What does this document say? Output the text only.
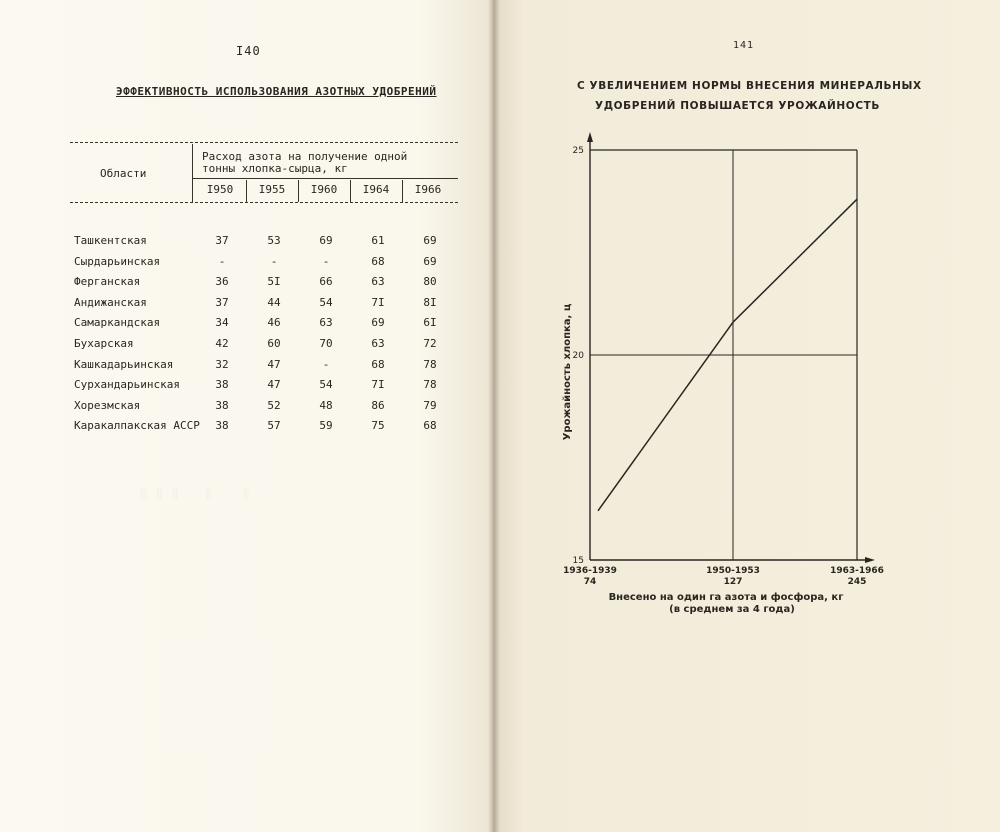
I40
ЭФФЕКТИВНОСТЬ ИСПОЛЬЗОВАНИЯ АЗОТНЫХ УДОБРЕНИЙ
Области
Расход азота на получение одной
тонны хлопка-сырца, кг
I950	I955	I960	I964	I966
Ташкентская	37	53	69	61	69
Сырдарьинская	-	-	-	68	69
Ферганская	36	5I	66	63	80
Андижанская	37	44	54	7I	8I
Самаркандская	34	46	63	69	6I
Бухарская	42	60	70	63	72
Кашкадарьинская	32	47	-	68	78
Сурхандарьинская	38	47	54	7I	78
Хорезмская	38	52	48	86	79
Каракалпакская АССР	38	57	59	75	68

░  ░  ░     ░      ░

141
С УВЕЛИЧЕНИЕМ НОРМЫ ВНЕСЕНИЯ МИНЕРАЛЬНЫХ
УДОБРЕНИЙ ПОВЫШАЕТСЯ УРОЖАЙНОСТЬ
15
20
25
1936-1939
74
1950-1953
127
1963-1966
245
Урожайность хлопка, ц
Внесено на один га азота и фосфора, кг
(в среднем за 4 года)
